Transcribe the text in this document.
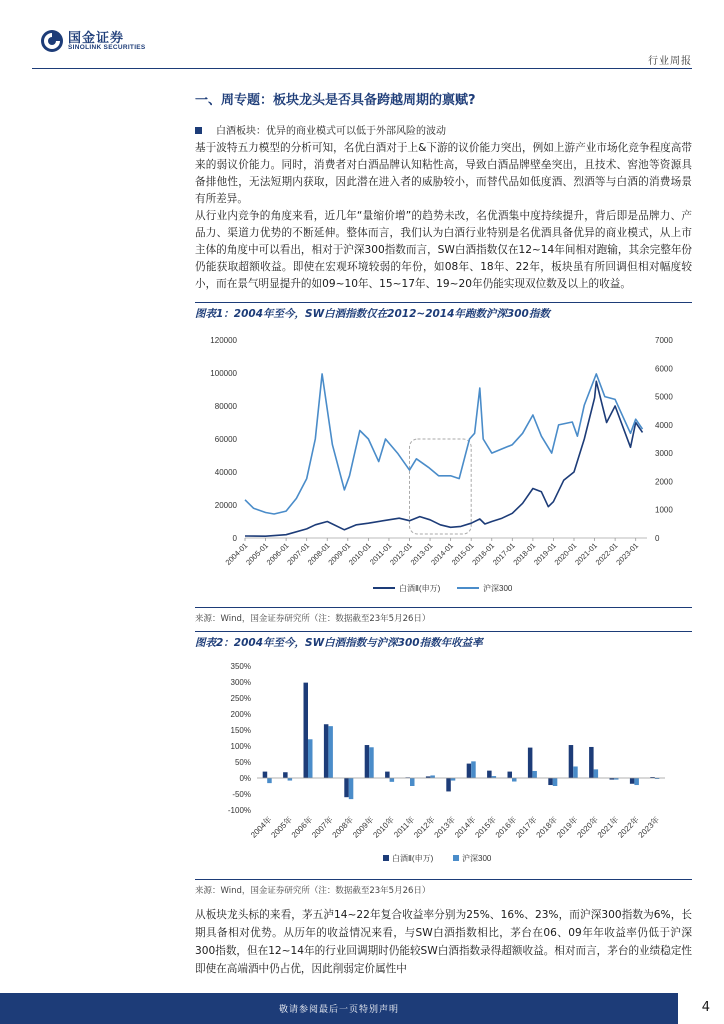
国金证券
SINOLINK SECURITIES
行业周报
一、周专题：板块龙头是否具备跨越周期的禀赋?
白酒板块：优异的商业模式可以低于外部风险的波动

基于波特五力模型的分析可知，名优白酒对于上&下游的议价能力突出，例如上游产业市场化竞争程度高带来的弱议价能力。同时，消费者对白酒品牌认知粘性高，导致白酒品牌壁垒突出，且技术、窖池等资源具备排他性，无法短期内获取，因此潜在进入者的威胁较小，而替代品如低度酒、烈酒等与白酒的消费场景有所差异。

从行业内竞争的角度来看，近几年“量缩价增”的趋势未改，名优酒集中度持续提升，背后即是品牌力、产品力、渠道力优势的不断延伸。整体而言，我们认为白酒行业特别是名优酒具备优异的商业模式，从上市主体的角度中可以看出，相对于沪深300指数而言，SW白酒指数仅在12~14年间相对跑输，其余完整年份仍能获取超额收益。即使在宏观环境较弱的年份，如08年、18年、22年，板块虽有所回调但相对幅度较小，而在景气明显提升的如09~10年、15~17年、19~20年仍能实现双位数及以上的收益。

图表1：2004年至今，SW白酒指数仅在2012~2014年跑数沪深300指数
0
20000
40000
60000
80000
100000
120000
0
1000
2000
3000
4000
5000
6000
7000
2004-01
2005-01
2006-01
2007-01
2008-01
2009-01
2010-01
2011-01
2012-01
2013-01
2014-01
2015-01
2016-01
2017-01
2018-01
2019-01
2020-01
2021-01
2022-01
2023-01
白酒Ⅱ(申万)	沪深300
来源：Wind，国金证券研究所（注：数据截至23年5月26日）
图表2：2004年至今，SW白酒指数与沪深300指数年收益率
-100%
-50%
0%
50%
100%
150%
200%
250%
300%
350%
2004年
2005年
2006年
2007年
2008年
2009年
2010年
2011年
2012年
2013年
2014年
2015年
2016年
2017年
2018年
2019年
2020年
2021年
2022年
2023年
白酒Ⅱ(申万)	沪深300
来源：Wind，国金证券研究所（注：数据截至23年5月26日）

从板块龙头标的来看，茅五泸14~22年复合收益率分别为25%、16%、23%，而沪深300指数为6%，长期具备相对优势。从历年的收益情况来看，与SW白酒指数相比，茅台在06、09年年收益率仍低于沪深300指数，但在12~14年的行业回调期时仍能较SW白酒指数录得超额收益。相对而言，茅台的业绩稳定性即使在高端酒中仍占优，因此削弱定价属性中

敬请参阅最后一页特别声明	4
